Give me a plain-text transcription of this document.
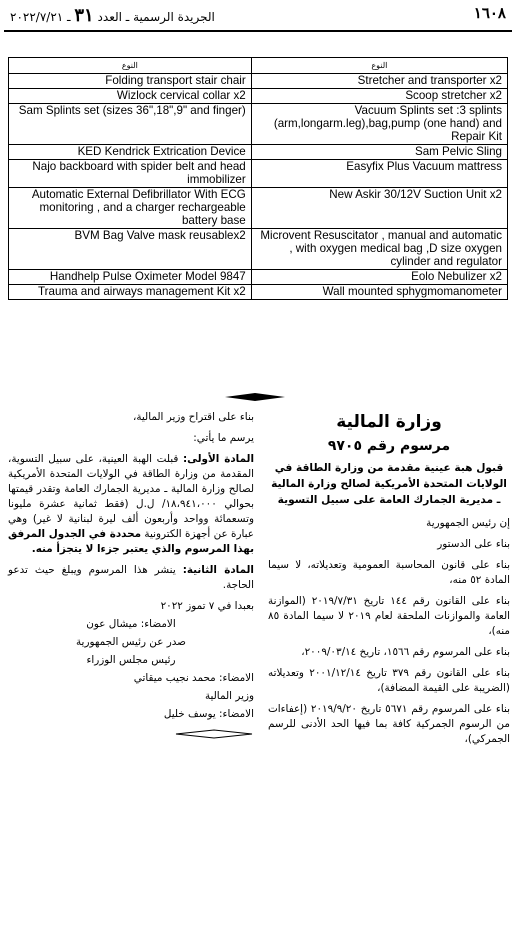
١٦٠٨
الجريدة الرسمية ـ العدد ٣١ ـ ٢٠٢٢/٧/٢١
النوع	النوع
Folding transport stair chair	Stretcher and transporter x2
Wizlock cervical collar x2	Scoop stretcher x2
Sam Splints set (sizes 36",18",9" and finger)	Vacuum Splints set :3 splints (arm,longarm.leg),bag,pump (one hand) and Repair Kit
KED Kendrick Extrication Device	Sam Pelvic Sling
Najo backboard with spider belt and head immobilizer	Easyfix Plus Vacuum mattress
Automatic External Defibrillator With ECG monitoring , and a charger rechargeable battery base	New Askir 30/12V Suction Unit x2
BVM Bag Valve mask reusablex2	Microvent Resuscitator , manual and automatic , with oxygen medical bag ,D size oxygen cylinder and regulator
Handhelp Pulse Oximeter Model 9847	Eolo Nebulizer x2
Trauma and airways management Kit x2	Wall mounted sphygmomanometer
وزارة المالية
مرسوم رقم ٩٧٠٥
قبول هبة عينية مقدمة من وزارة الطاقة في الولايات المتحدة الأمريكية لصالح وزارة المالية ـ مديرية الجمارك العامة على سبيل التسوية

إن رئيس الجمهورية

بناء على الدستور

بناء على قانون المحاسبة العمومية وتعديلاته، لا سيما المادة ٥٢ منه،

بناء على القانون رقم ١٤٤ تاريخ ٢٠١٩/٧/٣١ (الموازنة العامة والموازنات الملحقة لعام ٢٠١٩ لا سيما المادة ٨٥ منه)،

بناء على المرسوم رقم ١٥٦٦، تاريخ ٢٠٠٩/٠٣/١٤،

بناء على القانون رقم ٣٧٩ تاريخ ٢٠٠١/١٢/١٤ وتعديلاته (الضريبة على القيمة المضافة)،

بناء على المرسوم رقم ٥٦٧١ تاريخ ٢٠١٩/٩/٢٠ (إعفاءات من الرسوم الجمركية كافة بما فيها الحد الأدنى للرسم الجمركي)،

بناء على اقتراح وزير المالية،

يرسم ما يأتي:

المادة الأولى: قبلت الهبة العينية، على سبيل التسوية، المقدمة من وزارة الطاقة في الولايات المتحدة الأمريكية لصالح وزارة المالية ـ مديرية الجمارك العامة وتقدر قيمتها بحوالي ١٨،٩٤١،٠٠٠/ ل.ل (فقط ثمانية عشرة مليونا وتسعمائة وواحد وأربعون ألف ليرة لبنانية لا غير) وهي عبارة عن أجهزة الكترونية محددة في الجدول المرفق بهذا المرسوم والذي يعتبر جزءا لا يتجزأ منه.

المادة الثانية: ينشر هذا المرسوم ويبلغ حيث تدعو الحاجة.

بعبدا في ٧ تموز ٢٠٢٢

الامضاء: ميشال عون

صدر عن رئيس الجمهورية

رئيس مجلس الوزراء

الامضاء: محمد نجيب ميقاتي

وزير المالية

الامضاء: يوسف خليل
